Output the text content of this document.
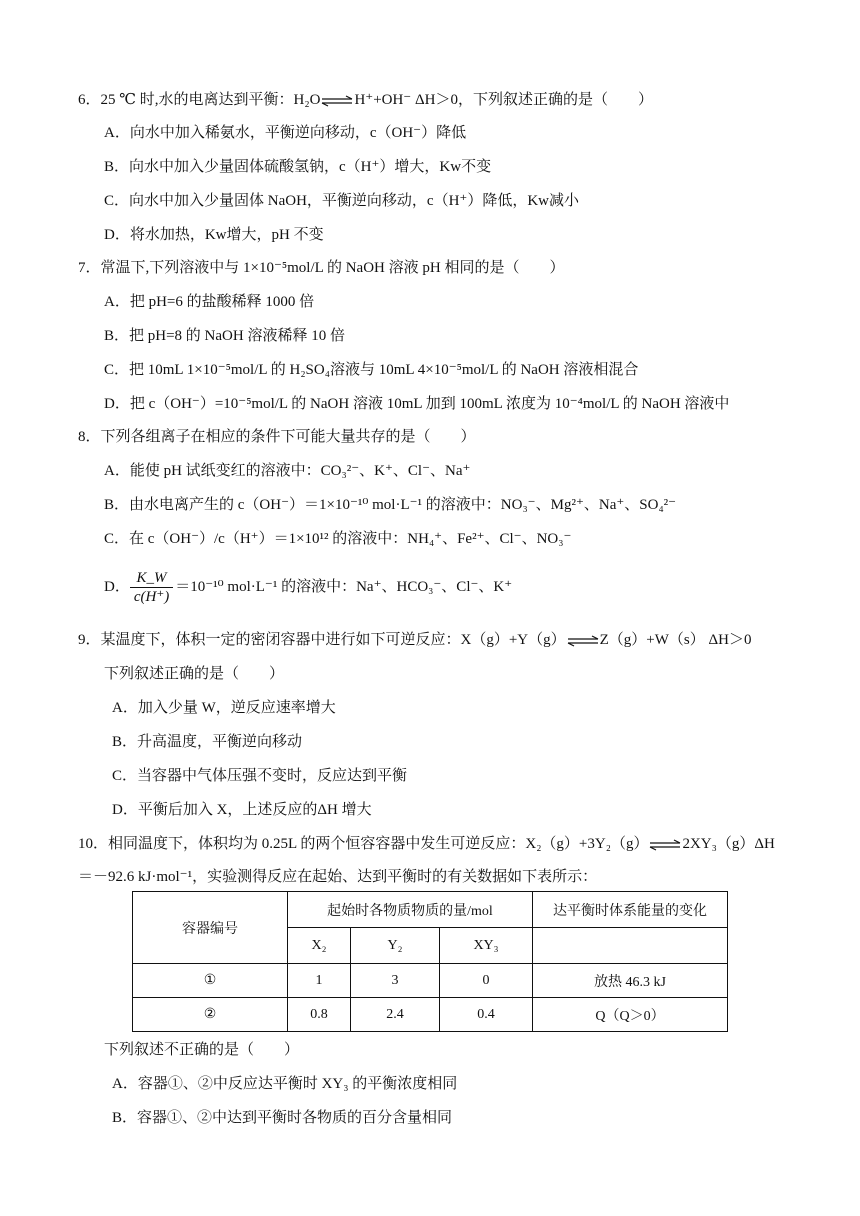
6．25 ℃ 时,水的电离达到平衡：H₂O⇌H⁺+OH⁻ ΔH＞0，下列叙述正确的是（　　）
A．向水中加入稀氨水，平衡逆向移动，c（OH⁻）降低
B．向水中加入少量固体硫酸氢钠，c（H⁺）增大，Kw不变
C．向水中加入少量固体 NaOH，平衡逆向移动，c（H⁺）降低，Kw减小
D．将水加热，Kw增大，pH 不变
7．常温下,下列溶液中与 1×10⁻⁵mol/L 的 NaOH 溶液 pH 相同的是（　　）
A．把 pH=6 的盐酸稀释 1000 倍
B．把 pH=8 的 NaOH 溶液稀释 10 倍
C．把 10mL 1×10⁻⁵mol/L 的 H₂SO₄溶液与 10mL 4×10⁻⁵mol/L 的 NaOH 溶液相混合
D．把 c（OH⁻）=10⁻⁵mol/L 的 NaOH 溶液 10mL 加到 100mL 浓度为 10⁻⁴mol/L 的 NaOH 溶液中
8．下列各组离子在相应的条件下可能大量共存的是（　　）
A．能使 pH 试纸变红的溶液中：CO₃²⁻、K⁺、Cl⁻、Na⁺
B．由水电离产生的 c（OH⁻）＝1×10⁻¹⁰ mol·L⁻¹ 的溶液中：NO₃⁻、Mg²⁺、Na⁺、SO₄²⁻
C．在 c（OH⁻）/c（H⁺）＝1×10¹² 的溶液中：NH₄⁺、Fe²⁺、Cl⁻、NO₃⁻
D． $\frac{K\_W}{c(H^+)} =10^{-10}$ mol·L⁻¹ 的溶液中：Na⁺、HCO₃⁻、Cl⁻、K⁺
9．某温度下，体积一定的密闭容器中进行如下可逆反应：X（g）+Y（g）⇌Z（g）+W（s） ΔH＞0
下列叙述正确的是（　　）
A．加入少量 W，逆反应速率增大
B．升高温度，平衡逆向移动
C．当容器中气体压强不变时，反应达到平衡
D．平衡后加入 X，上述反应的ΔH 增大
10．相同温度下，体积均为 0.25L 的两个恒容容器中发生可逆反应：X₂（g）+3Y₂（g）⇌2XY₃（g）ΔH
＝－92.6 kJ·mol⁻¹，实验测得反应在起始、达到平衡时的有关数据如下表所示：
容器编号	起始时各物质物质的量/mol			达平衡时体系能量的变化
	X₂	Y₂	XY₃	
①	1	3	0	放热 46.3 kJ
②	0.8	2.4	0.4	Q（Q＞0）
下列叙述不正确的是（　　）
A．容器①、②中反应达平衡时 XY₃ 的平衡浓度相同
B．容器①、②中达到平衡时各物质的百分含量相同
